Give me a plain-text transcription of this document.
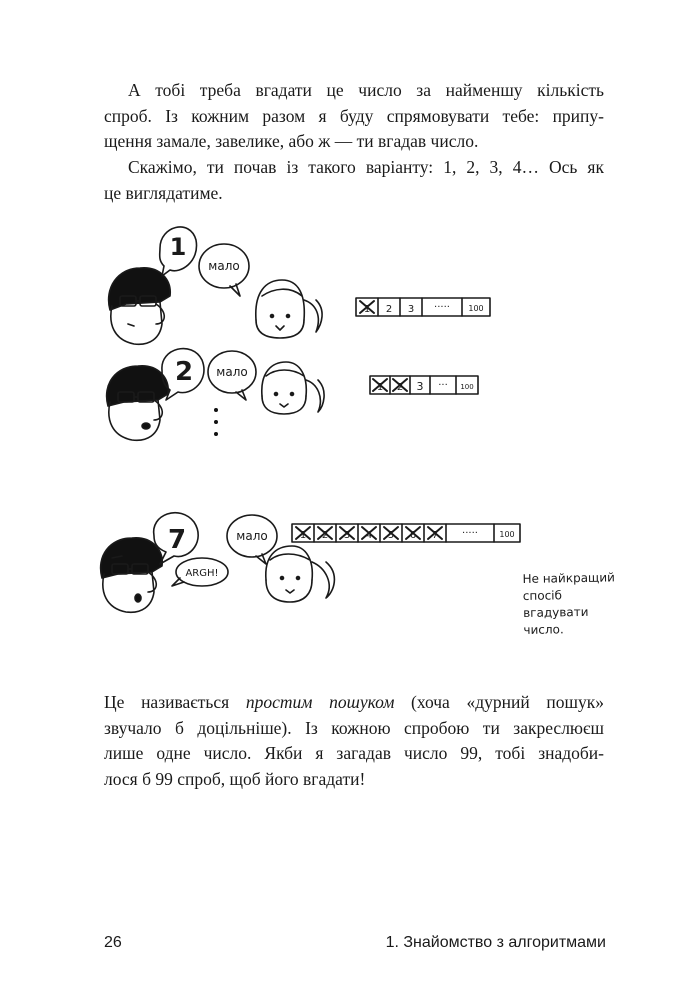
А тобі треба вгадати це число за найменшу кількість
спроб. Із кожним разом я буду спрямовувати тебе: припу-
щення замале, завелике, або ж — ти вгадав число.
Скажімо, ти почав із такого варіанту: 1, 2, 3, 4… Ось як
це виглядатиме.
1
мало
1 2 3 ····· 100
2 мало
1 2 3 ··· 100
7
ARGH!
мало	1 2 3 4 5 6 7 ·····	100
Не найкращий
спосіб
вгадувати
число.
Це називається простим пошуком (хоча «дурний пошук»
звучало б доцільніше). Із кожною спробою ти закреслюєш
лише одне число. Якби я загадав число 99, тобі знадоби-
лося б 99 спроб, щоб його вгадати!
26	1. Знайомство з алгоритмами
